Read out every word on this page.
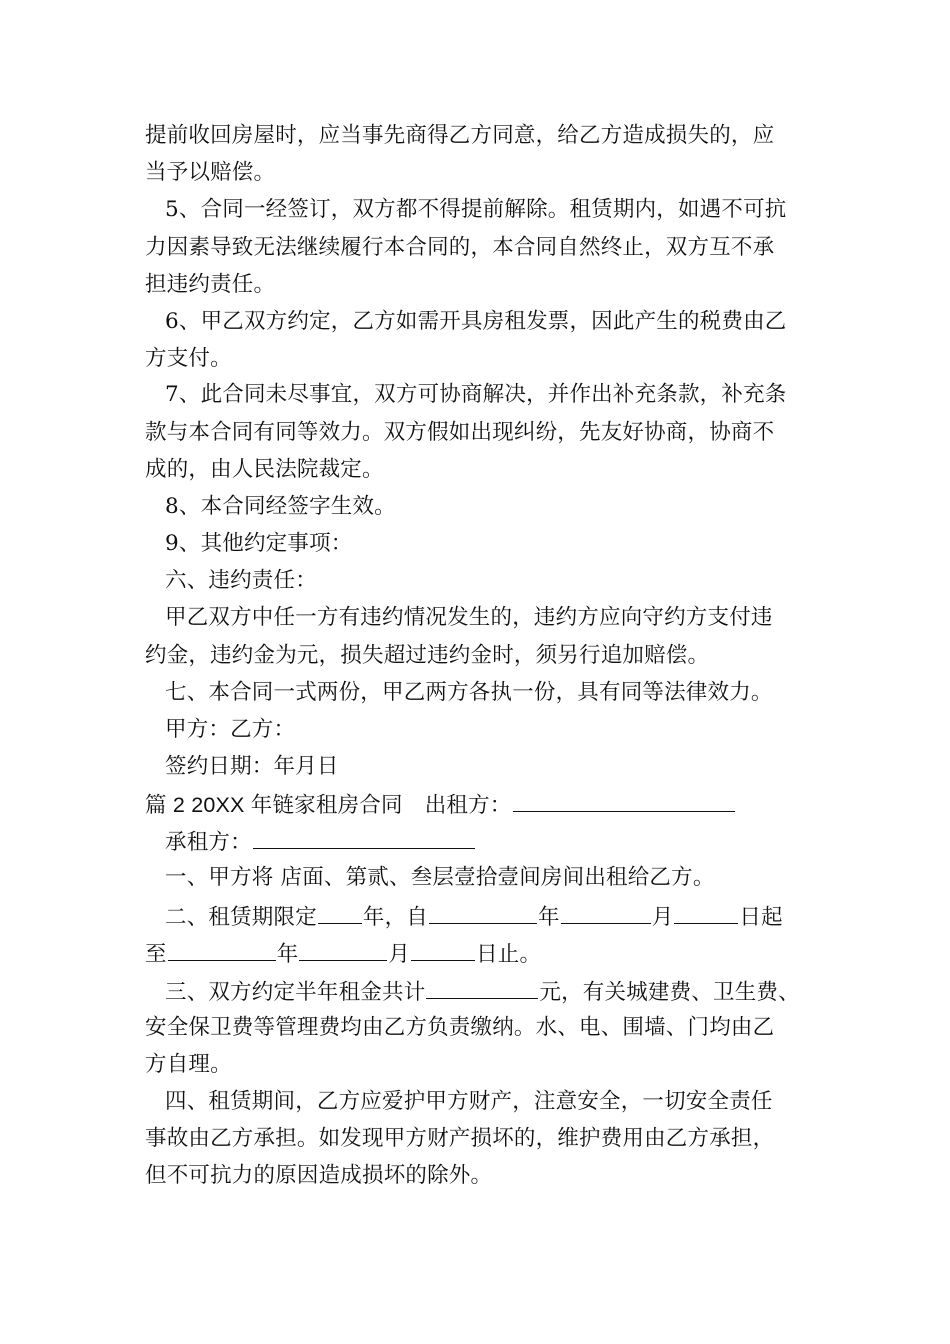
提前收回房屋时，应当事先商得乙方同意，给乙方造成损失的，应
当予以赔偿。
5、合同一经签订，双方都不得提前解除。租赁期内，如遇不可抗
力因素导致无法继续履行本合同的，本合同自然终止，双方互不承
担违约责任。
6、甲乙双方约定，乙方如需开具房租发票，因此产生的税费由乙
方支付。
7、此合同未尽事宜，双方可协商解决，并作出补充条款，补充条
款与本合同有同等效力。双方假如出现纠纷，先友好协商，协商不
成的，由人民法院裁定。
8、本合同经签字生效。
9、其他约定事项：
六、违约责任：
甲乙双方中任一方有违约情况发生的，违约方应向守约方支付违
约金，违约金为元，损失超过违约金时，须另行追加赔偿。
七、本合同一式两份，甲乙两方各执一份，具有同等法律效力。
甲方：乙方：
签约日期：年月日
篇 2 20XX 年链家租房合同 出租方：
承租方：
一、甲方将 店面、第贰、叁层壹拾壹间房间出租给乙方。
二、租赁期限定 年，自	年	月	日起
至	年	月	日止。
三、双方约定半年租金共计	元，有关城建费、卫生费、
安全保卫费等管理费均由乙方负责缴纳。水、电、围墙、门均由乙
方自理。
四、租赁期间，乙方应爱护甲方财产，注意安全，一切安全责任
事故由乙方承担。如发现甲方财产损坏的，维护费用由乙方承担，
但不可抗力的原因造成损坏的除外。
